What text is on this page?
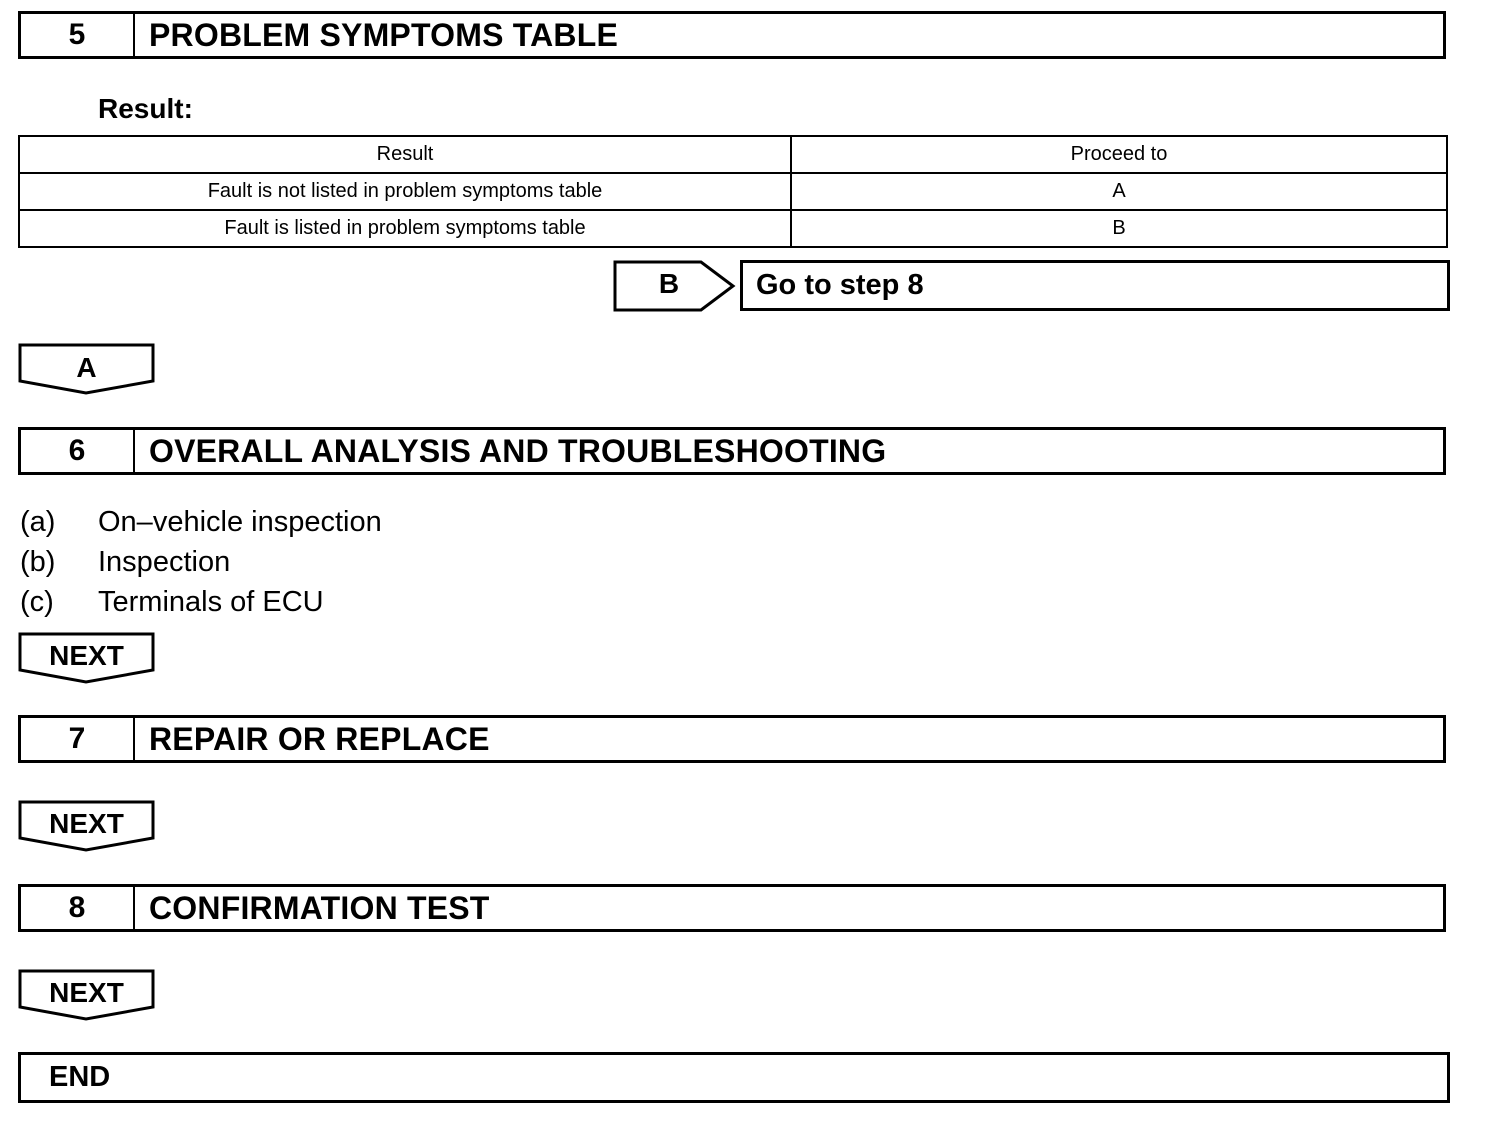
5	PROBLEM SYMPTOMS TABLE
Result:
Result	Proceed to
Fault is not listed in problem symptoms table	A
Fault is listed in problem symptoms table	B
B	Go to step 8
A
6	OVERALL ANALYSIS AND TROUBLESHOOTING
(a)	On–vehicle inspection
(b)	Inspection
(c)	Terminals of ECU
NEXT
7	REPAIR OR REPLACE
NEXT
8	CONFIRMATION TEST
NEXT
END
